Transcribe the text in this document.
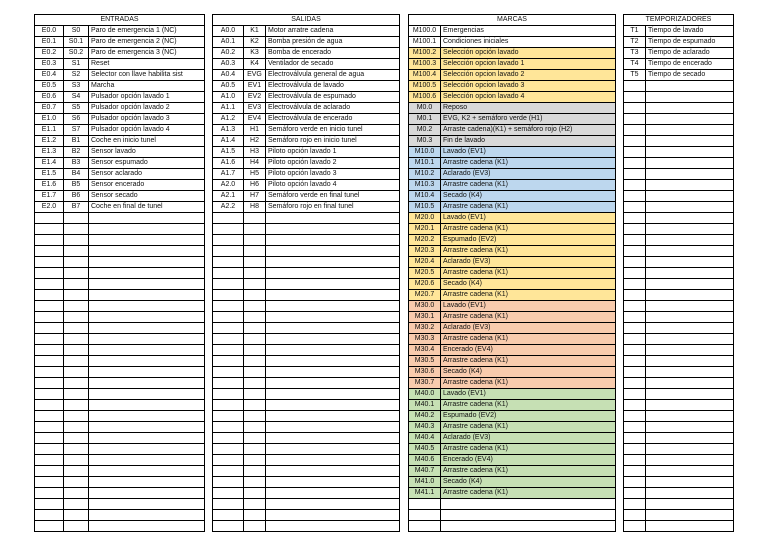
ENTRADAS		
E0.0	S0	Paro de emergencia 1 (NC)
E0.1	S0.1	Paro de emergencia 2 (NC)
E0.2	S0.2	Paro de emergencia 3 (NC)
E0.3	S1	Reset
E0.4	S2	Selector con llave habilita sist
E0.5	S3	Marcha
E0.6	S4	Pulsador opción lavado 1
E0.7	S5	Pulsador opción lavado 2
E1.0	S6	Pulsador opción lavado 3
E1.1	S7	Pulsador opción lavado 4
E1.2	B1	Coche en inicio tunel
E1.3	B2	Sensor lavado
E1.4	B3	Sensor espumado
E1.5	B4	Sensor aclarado
E1.6	B5	Sensor encerado
E1.7	B6	Sensor secado
E2.0	B7	Coche en final de tunel

SALIDAS		
A0.0	K1	Motor arratre cadena
A0.1	K2	Bomba presión de agua
A0.2	K3	Bomba de encerado
A0.3	K4	Ventilador de secado
A0.4	EVG	Electroválvula general de agua
A0.5	EV1	Electroválvula de lavado
A1.0	EV2	Electroválvula de espumado
A1.1	EV3	Electroválvula de aclarado
A1.2	EV4	Electroválvula de encerado
A1.3	H1	Semáforo verde en inicio tunel
A1.4	H2	Semáforo rojo en inicio tunel
A1.5	H3	Piloto opción lavado 1
A1.6	H4	Piloto opción lavado 2
A1.7	H5	Piloto opción lavado 3
A2.0	H6	Piloto opción lavado 4
A2.1	H7	Semáforo verde en final tunel
A2.2	H8	Semáforo rojo en final tunel

MARCAS	
M100.0	Emergencias
M100.1	Condiciones iniciales
M100.2	Selección opción lavado
M100.3	Selección opcion lavado 1
M100.4	Selección opcion lavado 2
M100.5	Selección opcion lavado 3
M100.6	Selección opcion lavado 4
M0.0	Reposo
M0.1	EVG, K2 + semáforo verde (H1)
M0.2	Arraste cadena)(K1) + semáforo rojo (H2)
M0.3	Fin de lavado
M10.0	Lavado (EV1)
M10.1	Arrastre cadena (K1)
M10.2	Aclarado (EV3)
M10.3	Arrastre cadena (K1)
M10.4	Secado (K4)
M10.5	Arrastre cadena (K1)
M20.0	Lavado (EV1)
M20.1	Arrastre cadena (K1)
M20.2	Espumado (EV2)
M20.3	Arrastre cadena (K1)
M20.4	Aclarado (EV3)
M20.5	Arrastre cadena (K1)
M20.6	Secado (K4)
M20.7	Arrastre cadena (K1)
M30.0	Lavado (EV1)
M30.1	Arrastre cadena (K1)
M30.2	Aclarado (EV3)
M30.3	Arrastre cadena (K1)
M30.4	Encerado (EV4)
M30.5	Arrastre cadena (K1)
M30.6	Secado (K4)
M30.7	Arrastre cadena (K1)
M40.0	Lavado (EV1)
M40.1	Arrastre cadena (K1)
M40.2	Espumado (EV2)
M40.3	Arrastre cadena (K1)
M40.4	Aclarado (EV3)
M40.5	Arrastre cadena (K1)
M40.6	Encerado (EV4)
M40.7	Arrastre cadena (K1)
M41.0	Secado (K4)
M41.1	Arrastre cadena (K1)

TEMPORIZADORES	
T1	Tiempo de lavado
T2	Tiempo de espumado
T3	Tiempo de aclarado
T4	Tiempo de encerado
T5	Tiempo de secado
